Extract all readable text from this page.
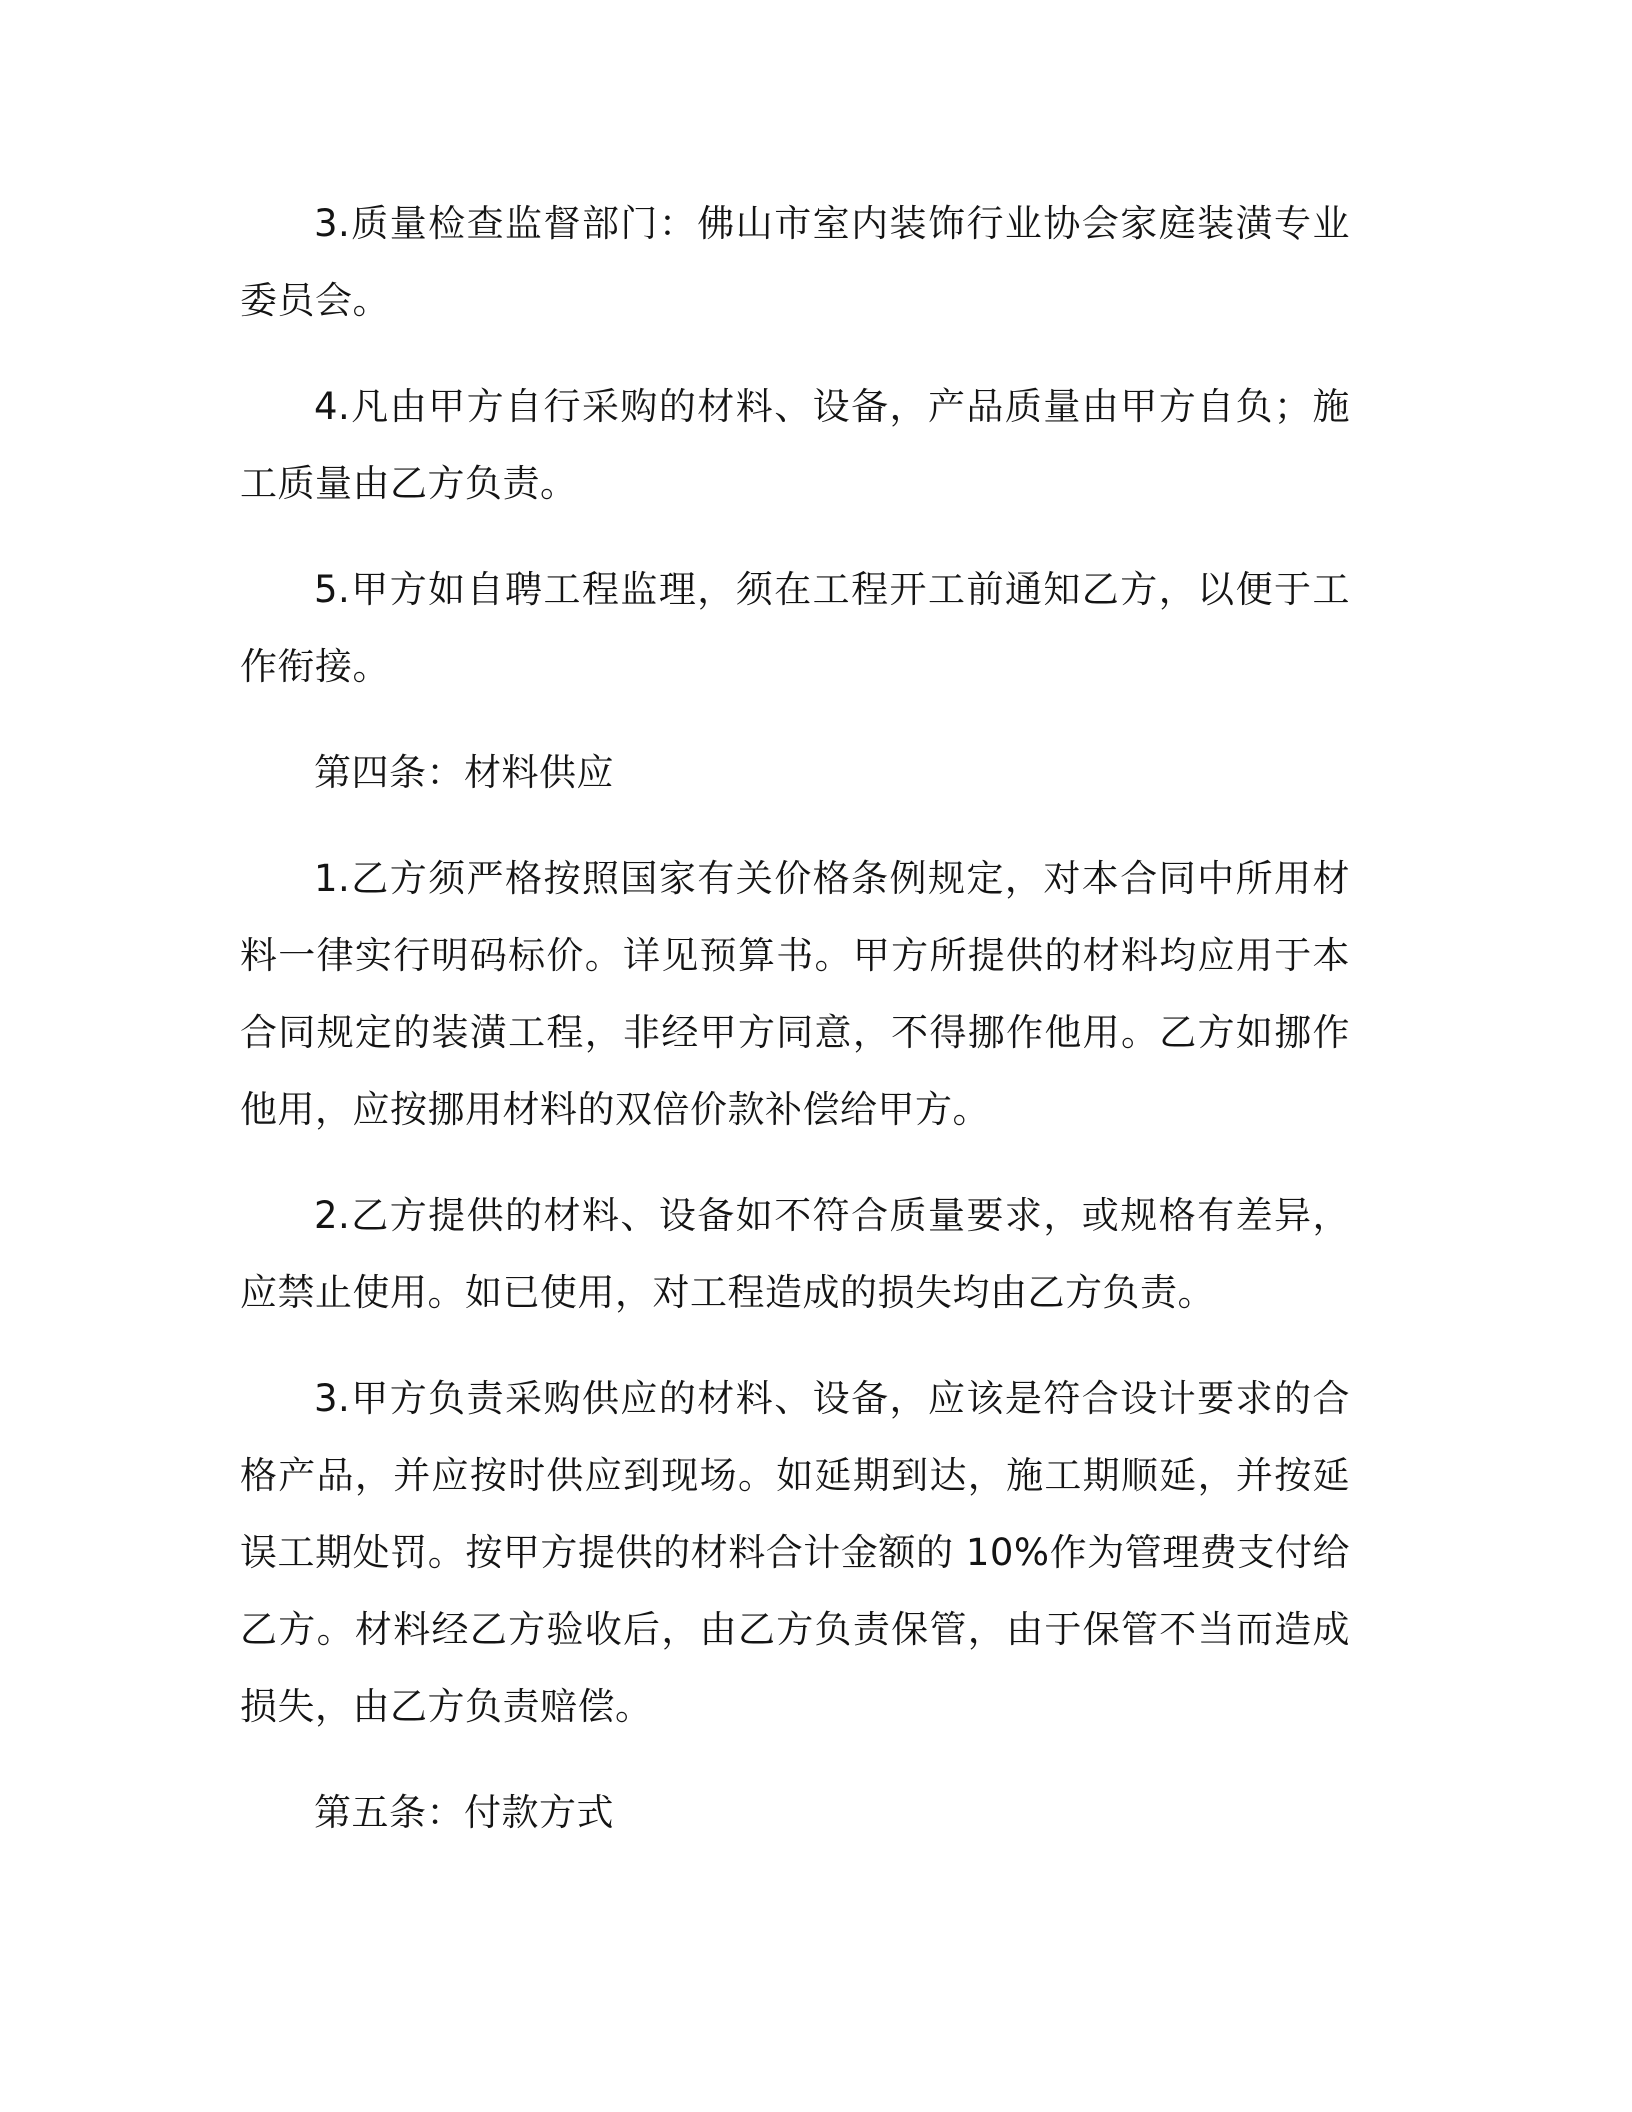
3.质量检查监督部门：佛山市室内装饰行业协会家庭装潢专业委员会。

4.凡由甲方自行采购的材料、设备，产品质量由甲方自负；施工质量由乙方负责。

5.甲方如自聘工程监理，须在工程开工前通知乙方，以便于工作衔接。

第四条：材料供应

1.乙方须严格按照国家有关价格条例规定，对本合同中所用材料一律实行明码标价。详见预算书。甲方所提供的材料均应用于本合同规定的装潢工程，非经甲方同意，不得挪作他用。乙方如挪作他用，应按挪用材料的双倍价款补偿给甲方。

2.乙方提供的材料、设备如不符合质量要求，或规格有差异，应禁止使用。如已使用，对工程造成的损失均由乙方负责。

3.甲方负责采购供应的材料、设备，应该是符合设计要求的合格产品，并应按时供应到现场。如延期到达，施工期顺延，并按延误工期处罚。按甲方提供的材料合计金额的 10%作为管理费支付给乙方。材料经乙方验收后，由乙方负责保管，由于保管不当而造成损失，由乙方负责赔偿。

第五条：付款方式
